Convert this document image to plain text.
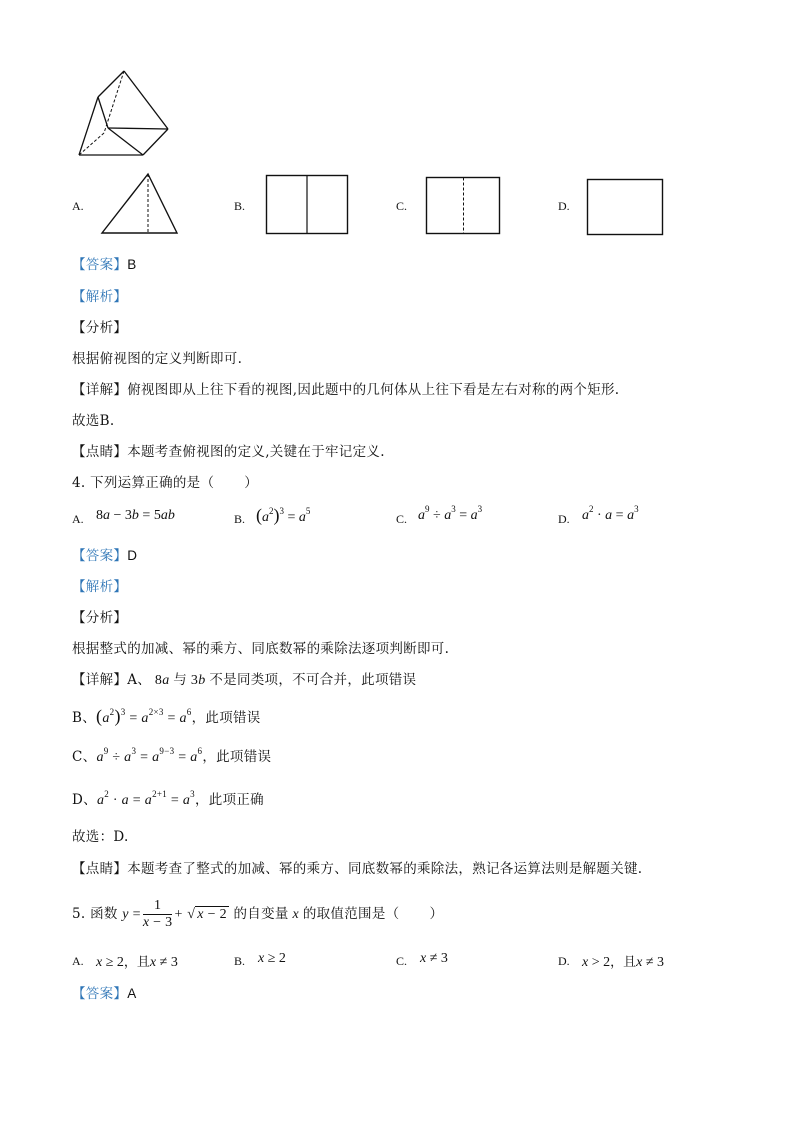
A.	B.	C.	D.
【答案】B
【解析】
【分析】
根据俯视图的定义判断即可.
【详解】俯视图即从上往下看的视图,因此题中的几何体从上往下看是左右对称的两个矩形.
故选B.
【点睛】本题考查俯视图的定义,关键在于牢记定义.
4. 下列运算正确的是（ ）
A. 8a − 3b = 5ab	B. $(a^2)^3 = a^5$
C. $a^9 \div a^3 = a^3$
D. $a^2 \cdot a = a^3$
【答案】D
【解析】
【分析】
根据整式的加减、幂的乘方、同底数幂的乘除法逐项判断即可.
【详解】A、 8a 与 3b 不是同类项，不可合并，此项错误
B、$(a^2)^3 = a^{2\times 3} = a^6$，此项错误
C、$a^9 \div a^3 = a^{9-3} = a^6$，此项错误
D、$a^2 \cdot a = a^{2+1} = a^3$，此项正确
故选：D.
【点睛】本题考查了整式的加减、幂的乘方、同底数幂的乘除法，熟记各运算法则是解题关键.
5. 函数 $y = \frac{1}{x - 3}$ + √ x − 2 的自变量 x 的取值范围是（ ）
A. x ≥ 2，且x ≠ 3	B. x ≥ 2	C. x ≠ 3	D. x > 2，且x ≠ 3
【答案】A
